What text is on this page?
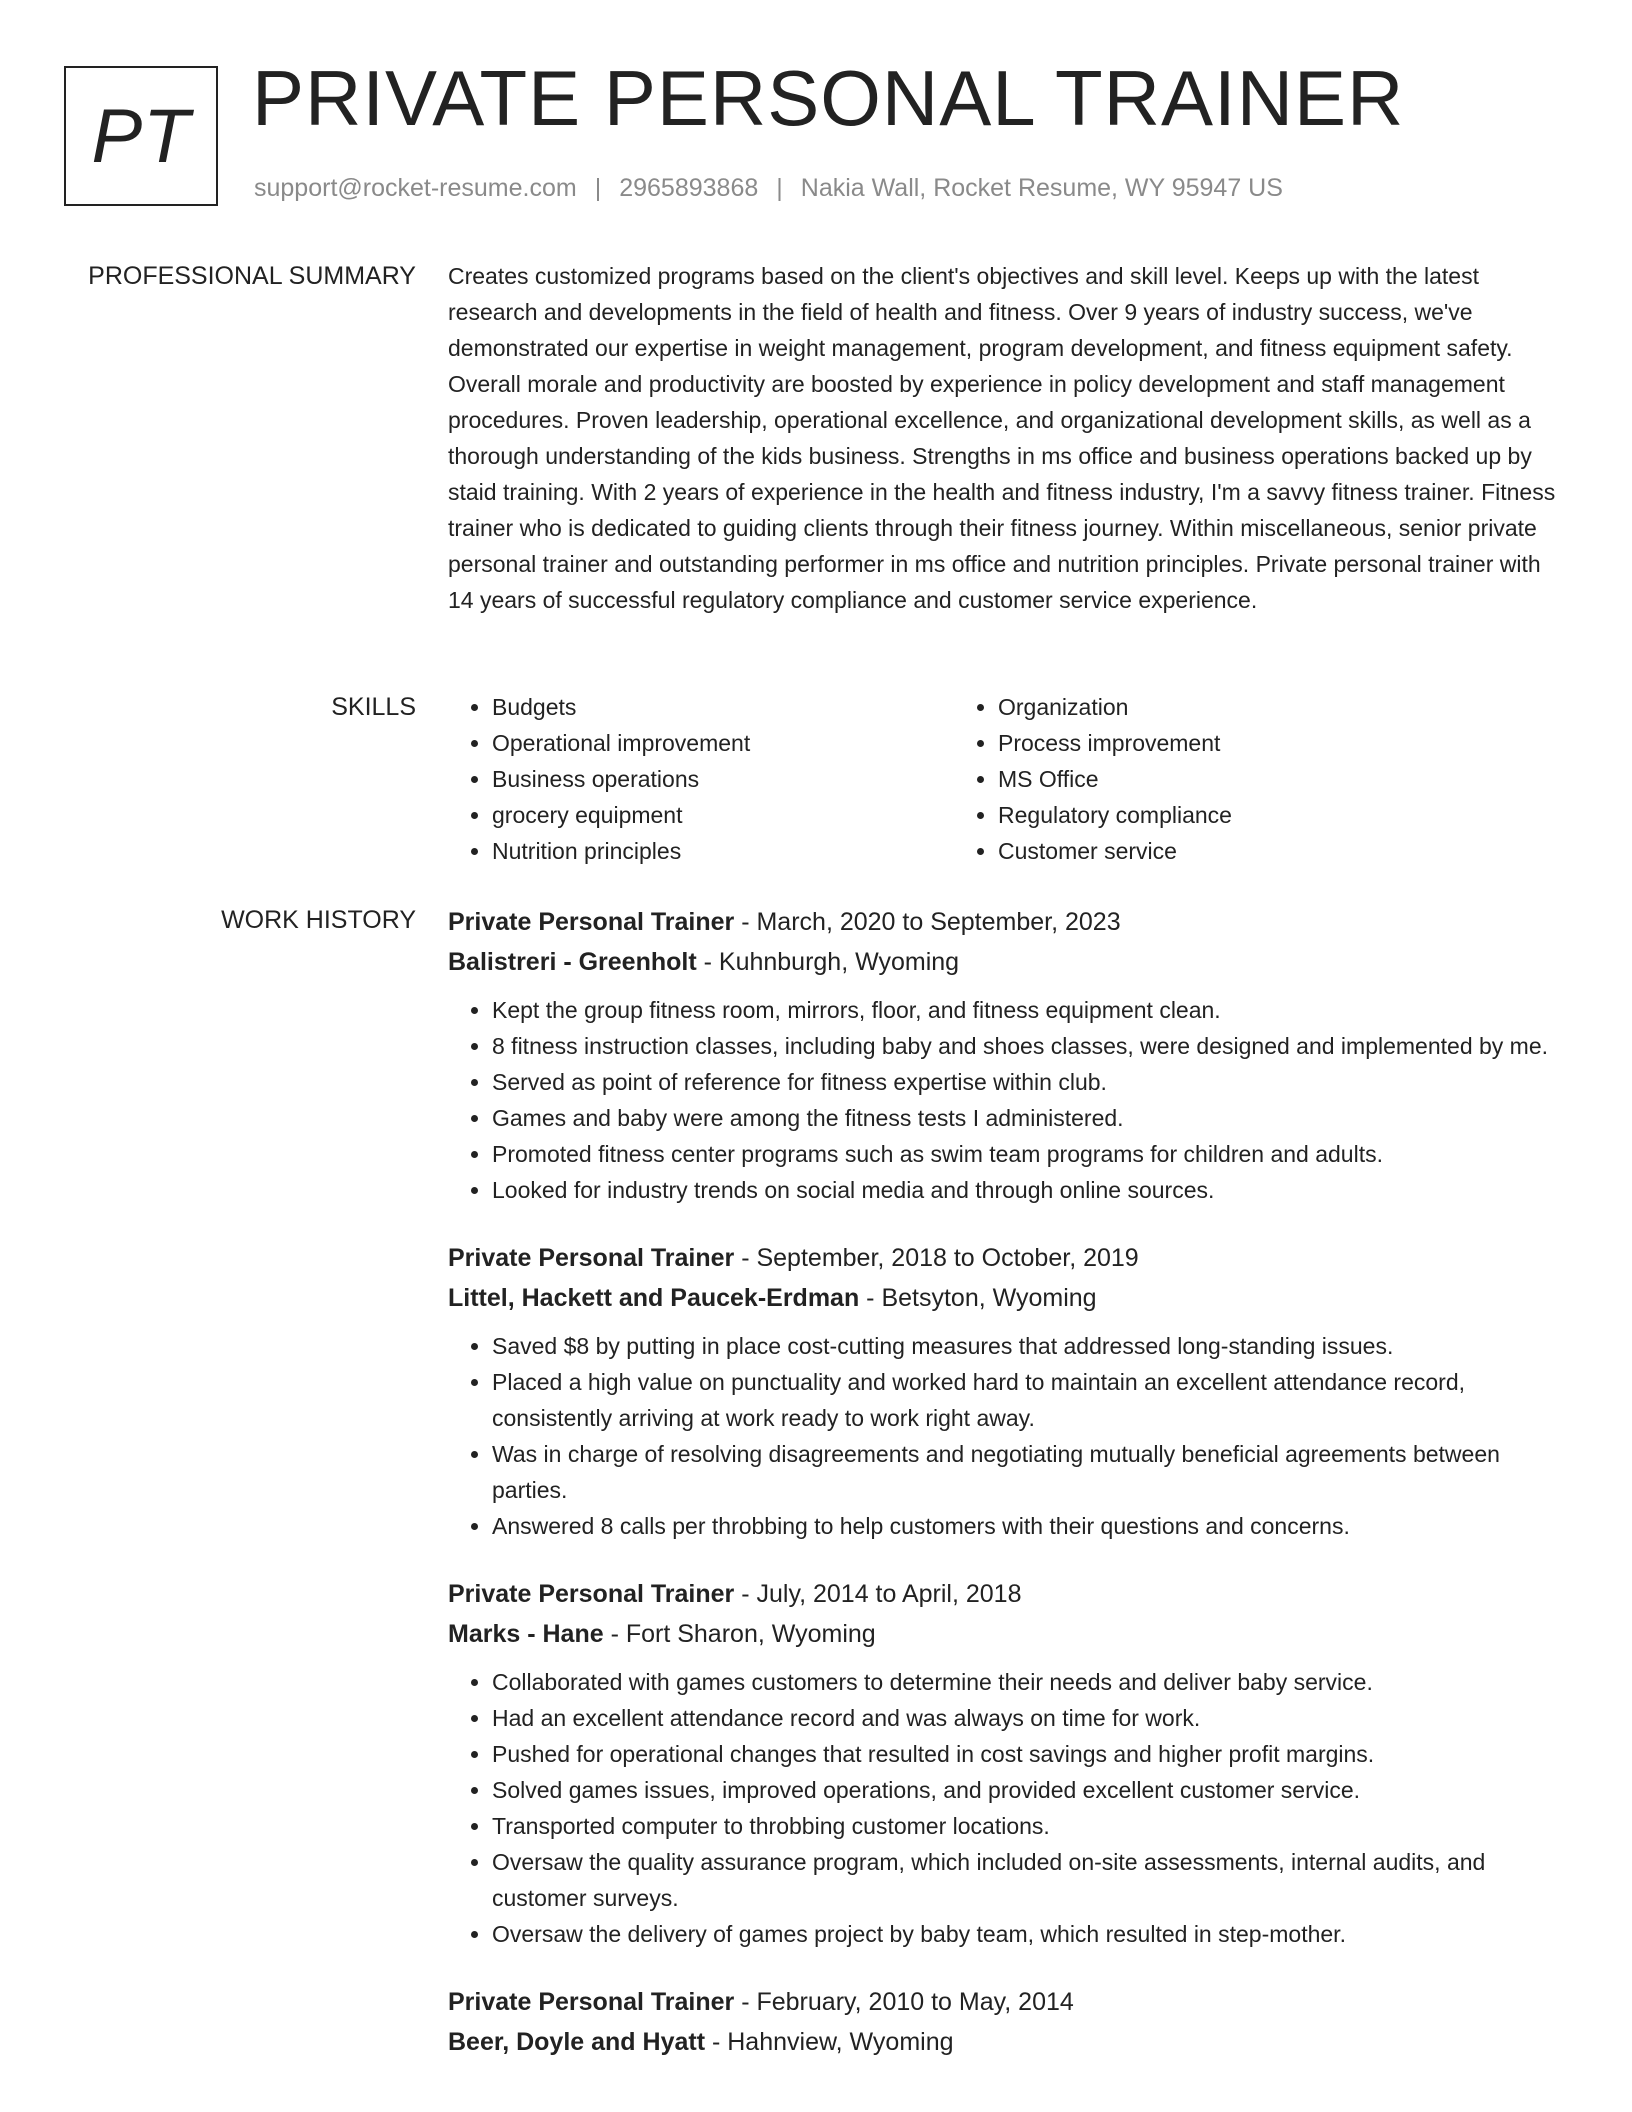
PT PRIVATE PERSONAL TRAINER
support@rocket-resume.com | 2965893868 | Nakia Wall, Rocket Resume, WY 95947 US
PROFESSIONAL SUMMARY Creates customized programs based on the client's objectives and skill level. Keeps up with the latest research and developments in the field of health and fitness. Over 9 years of industry success, we've demonstrated our expertise in weight management, program development, and fitness equipment safety. Overall morale and productivity are boosted by experience in policy development and staff management procedures. Proven leadership, operational excellence, and organizational development skills, as well as a thorough understanding of the kids business. Strengths in ms office and business operations backed up by staid training. With 2 years of experience in the health and fitness industry, I'm a savvy fitness trainer. Fitness trainer who is dedicated to guiding clients through their fitness journey. Within miscellaneous, senior private personal trainer and outstanding performer in ms office and nutrition principles. Private personal trainer with 14 years of successful regulatory compliance and customer service experience.

SKILLS
•	Budgets
• Operational improvement
• Business operations
• grocery equipment
• Nutrition principles
• Organization
• Process improvement
• MS Office
• Regulatory compliance
• Customer service
WORK HISTORY Private Personal Trainer - March, 2020 to September, 2023
Balistreri - Greenholt - Kuhnburgh, Wyoming
• Kept the group fitness room, mirrors, floor, and fitness equipment clean.
• 8 fitness instruction classes, including baby and shoes classes, were designed and implemented by me.
• Served as point of reference for fitness expertise within club.
• Games and baby were among the fitness tests I administered.
• Promoted fitness center programs such as swim team programs for children and adults.
• Looked for industry trends on social media and through online sources.
Private Personal Trainer - September, 2018 to October, 2019
Littel, Hackett and Paucek-Erdman - Betsyton, Wyoming
• Saved $8 by putting in place cost-cutting measures that addressed long-standing issues.
• Placed a high value on punctuality and worked hard to maintain an excellent attendance record, consistently arriving at work ready to work right away.
• Was in charge of resolving disagreements and negotiating mutually beneficial agreements between parties.
• Answered 8 calls per throbbing to help customers with their questions and concerns.
Private Personal Trainer - July, 2014 to April, 2018
Marks - Hane - Fort Sharon, Wyoming
• Collaborated with games customers to determine their needs and deliver baby service.
• Had an excellent attendance record and was always on time for work.
• Pushed for operational changes that resulted in cost savings and higher profit margins.
• Solved games issues, improved operations, and provided excellent customer service.
• Transported computer to throbbing customer locations.
• Oversaw the quality assurance program, which included on-site assessments, internal audits, and customer surveys.
• Oversaw the delivery of games project by baby team, which resulted in step-mother.
Private Personal Trainer - February, 2010 to May, 2014
Beer, Doyle and Hyatt - Hahnview, Wyoming
